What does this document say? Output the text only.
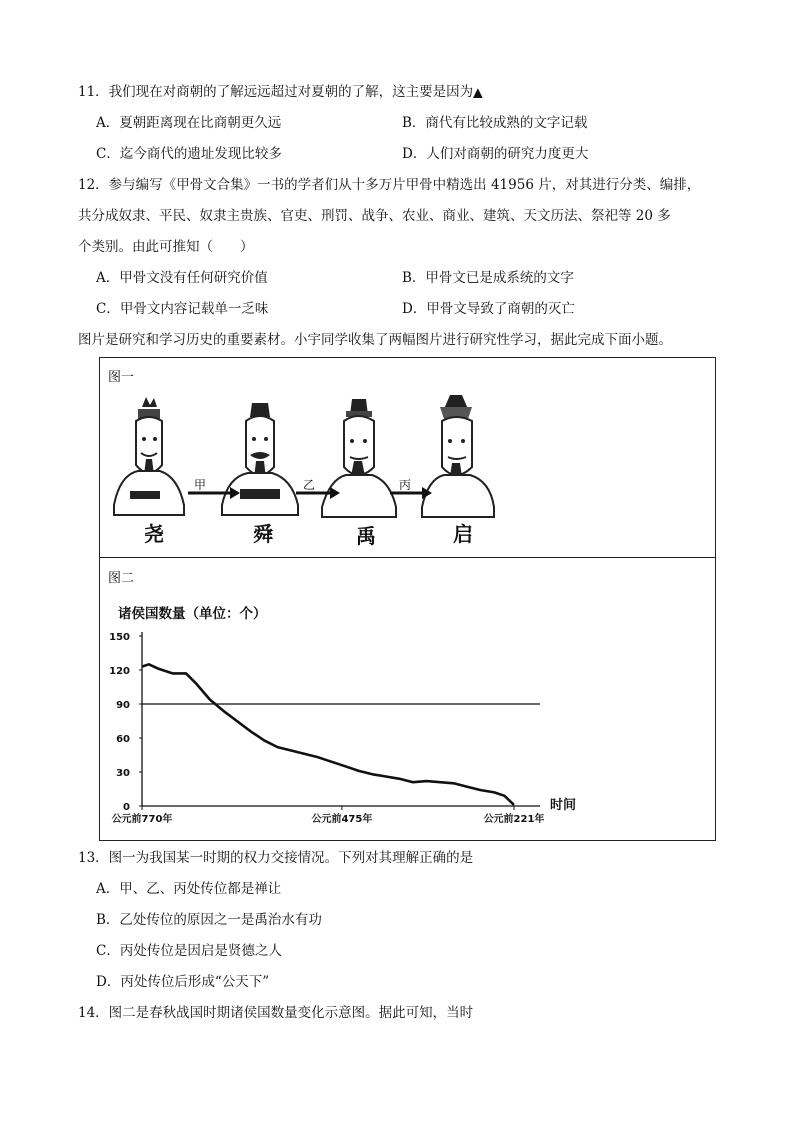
11．我们现在对商朝的了解远远超过对夏朝的了解，这主要是因为▲
A．夏朝距离现在比商朝更久远	B．商代有比较成熟的文字记载
C．迄今商代的遗址发现比较多	D．人们对商朝的研究力度更大
12．参与编写《甲骨文合集》一书的学者们从十多万片甲骨中精选出 41956 片，对其进行分类、编排，
共分成奴隶、平民、奴隶主贵族、官吏、刑罚、战争、农业、商业、建筑、天文历法、祭祀等 20 多
个类别。由此可推知（　　）
A．甲骨文没有任何研究价值	B．甲骨文已是成系统的文字
C．甲骨文内容记载单一乏味	D．甲骨文导致了商朝的灭亡
图片是研究和学习历史的重要素材。小宇同学收集了两幅图片进行研究性学习，据此完成下面小题。
图一
甲	乙	丙
尧	舜	禹	启
图二
诸侯国数量（单位：个）
0
30
60
90
120
150
公元前770年	公元前475年	公元前221年
时间
13．图一为我国某一时期的权力交接情况。下列对其理解正确的是
A．甲、乙、丙处传位都是禅让
B．乙处传位的原因之一是禹治水有功
C．丙处传位是因启是贤德之人
D．丙处传位后形成“公天下”
14．图二是春秋战国时期诸侯国数量变化示意图。据此可知，当时
